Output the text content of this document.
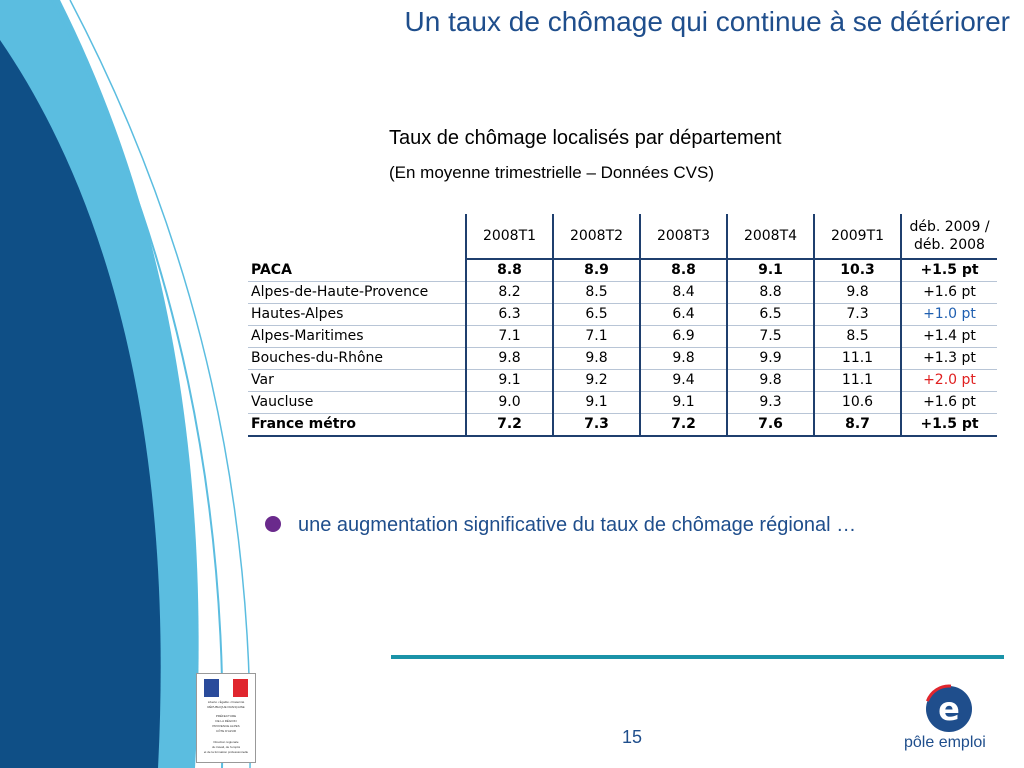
Un taux de chômage qui continue à se détériorer
Taux de chômage localisés par département
(En moyenne trimestrielle – Données CVS)
	2008T1	2008T2	2008T3	2008T4	2009T1	déb. 2009 /
déb. 2008
PACA	8.8	8.9	8.8	9.1	10.3	+1.5 pt
Alpes-de-Haute-Provence	8.2	8.5	8.4	8.8	9.8	+1.6 pt
Hautes-Alpes	6.3	6.5	6.4	6.5	7.3	+1.0 pt
Alpes-Maritimes	7.1	7.1	6.9	7.5	8.5	+1.4 pt
Bouches-du-Rhône	9.8	9.8	9.8	9.9	11.1	+1.3 pt
Var	9.1	9.2	9.4	9.8	11.1	+2.0 pt
Vaucluse	9.0	9.1	9.1	9.3	10.6	+1.6 pt
France métro	7.2	7.3	7.2	7.6	8.7	+1.5 pt
une augmentation significative du taux de chômage régional …
15
Liberté • Égalité • Fraternité
RÉPUBLIQUE FRANÇAISE
PRÉFECTURE
DE LA RÉGION
PROVENCE ALPES
CÔTE D'AZUR
Direction régionale
du travail, de l'emploi
et de la formation professionnelle
e
pôle emploi
